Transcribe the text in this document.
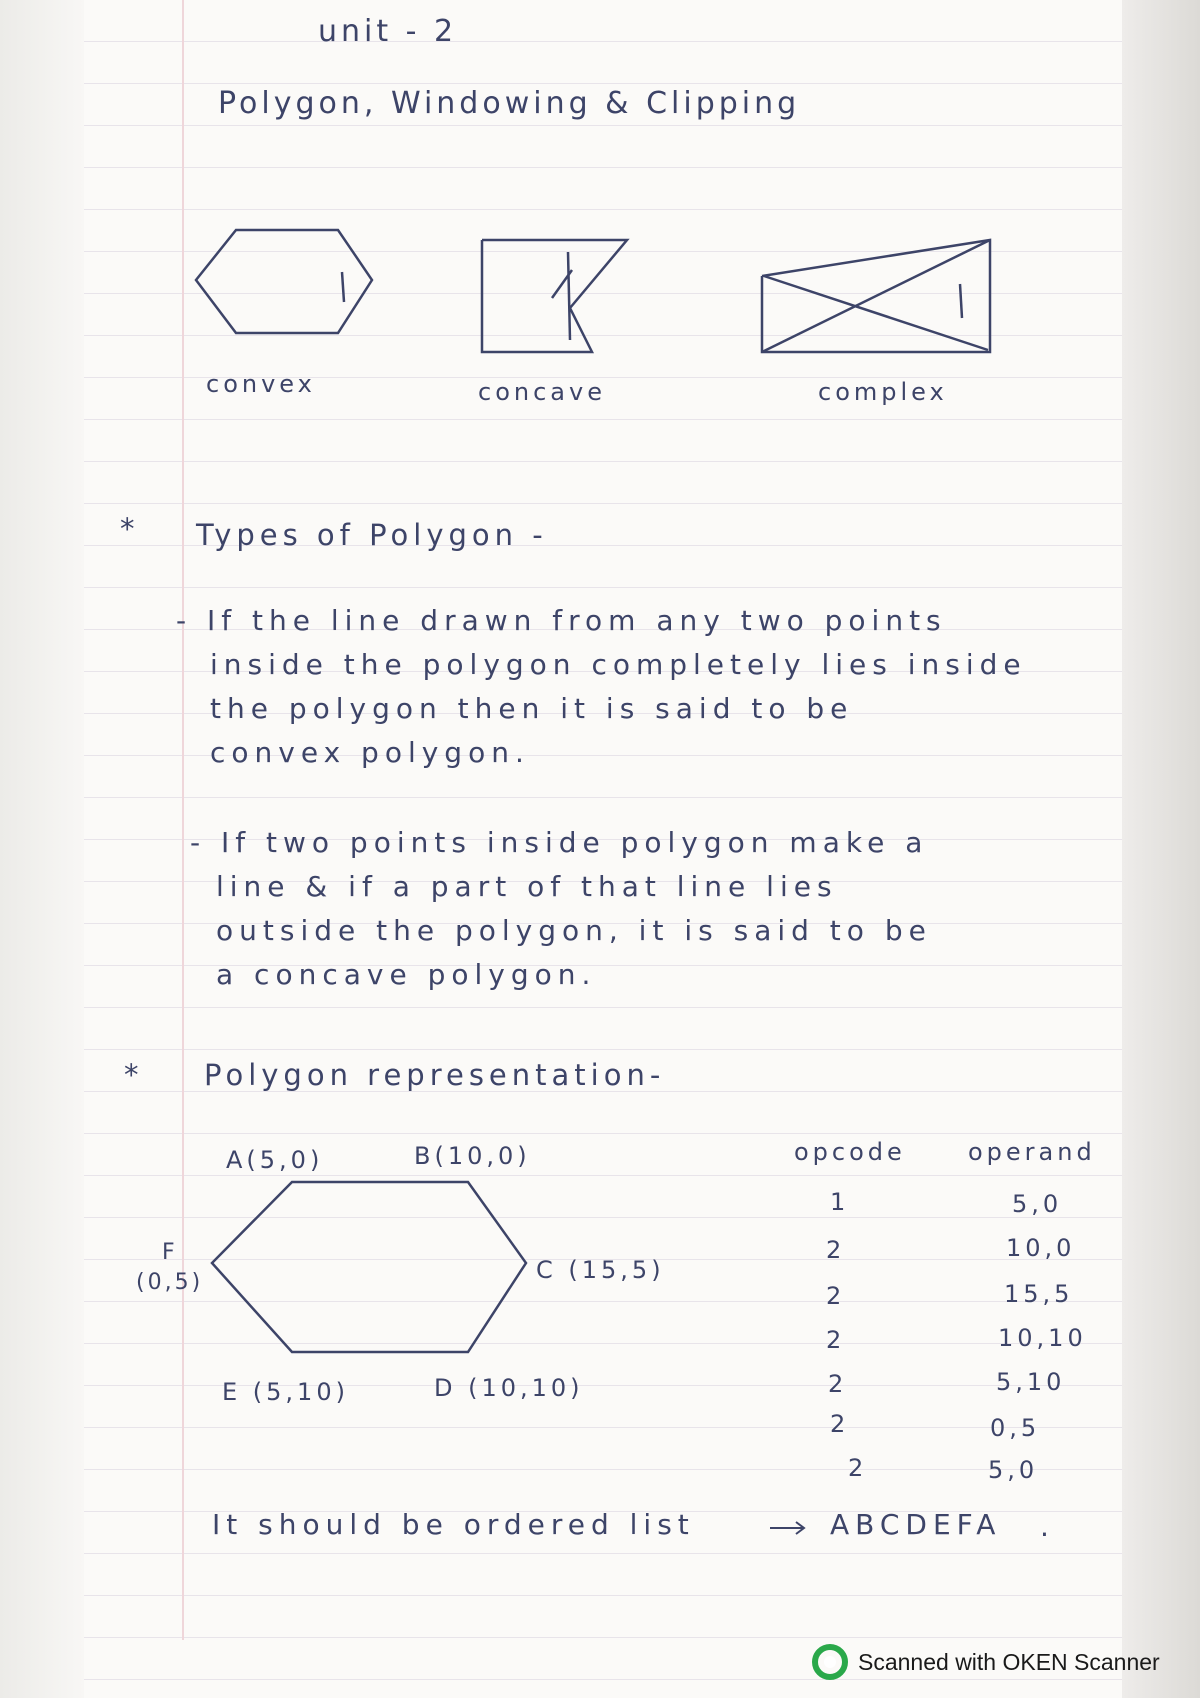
unit - 2
Polygon, Windowing & Clipping
convex	concave	complex
* Types of Polygon -
- If the line drawn from any two points
inside the polygon completely lies inside
the polygon then it is said to be
convex polygon.
- If two points inside polygon make a
line & if a part of that line lies
outside the polygon, it is said to be
a concave polygon.
* Polygon representation-
A(5,0)	B(10,0)
C (15,5)
D (10,10)
E (5,10)
F
(0,5)
opcode	operand
1	5,0
2	10,0
2	15,5
2	10,10
2	5,10
2	0,5
2	5,0
It should be ordered list	ABCDEFA .
Scanned with OKEN Scanner
